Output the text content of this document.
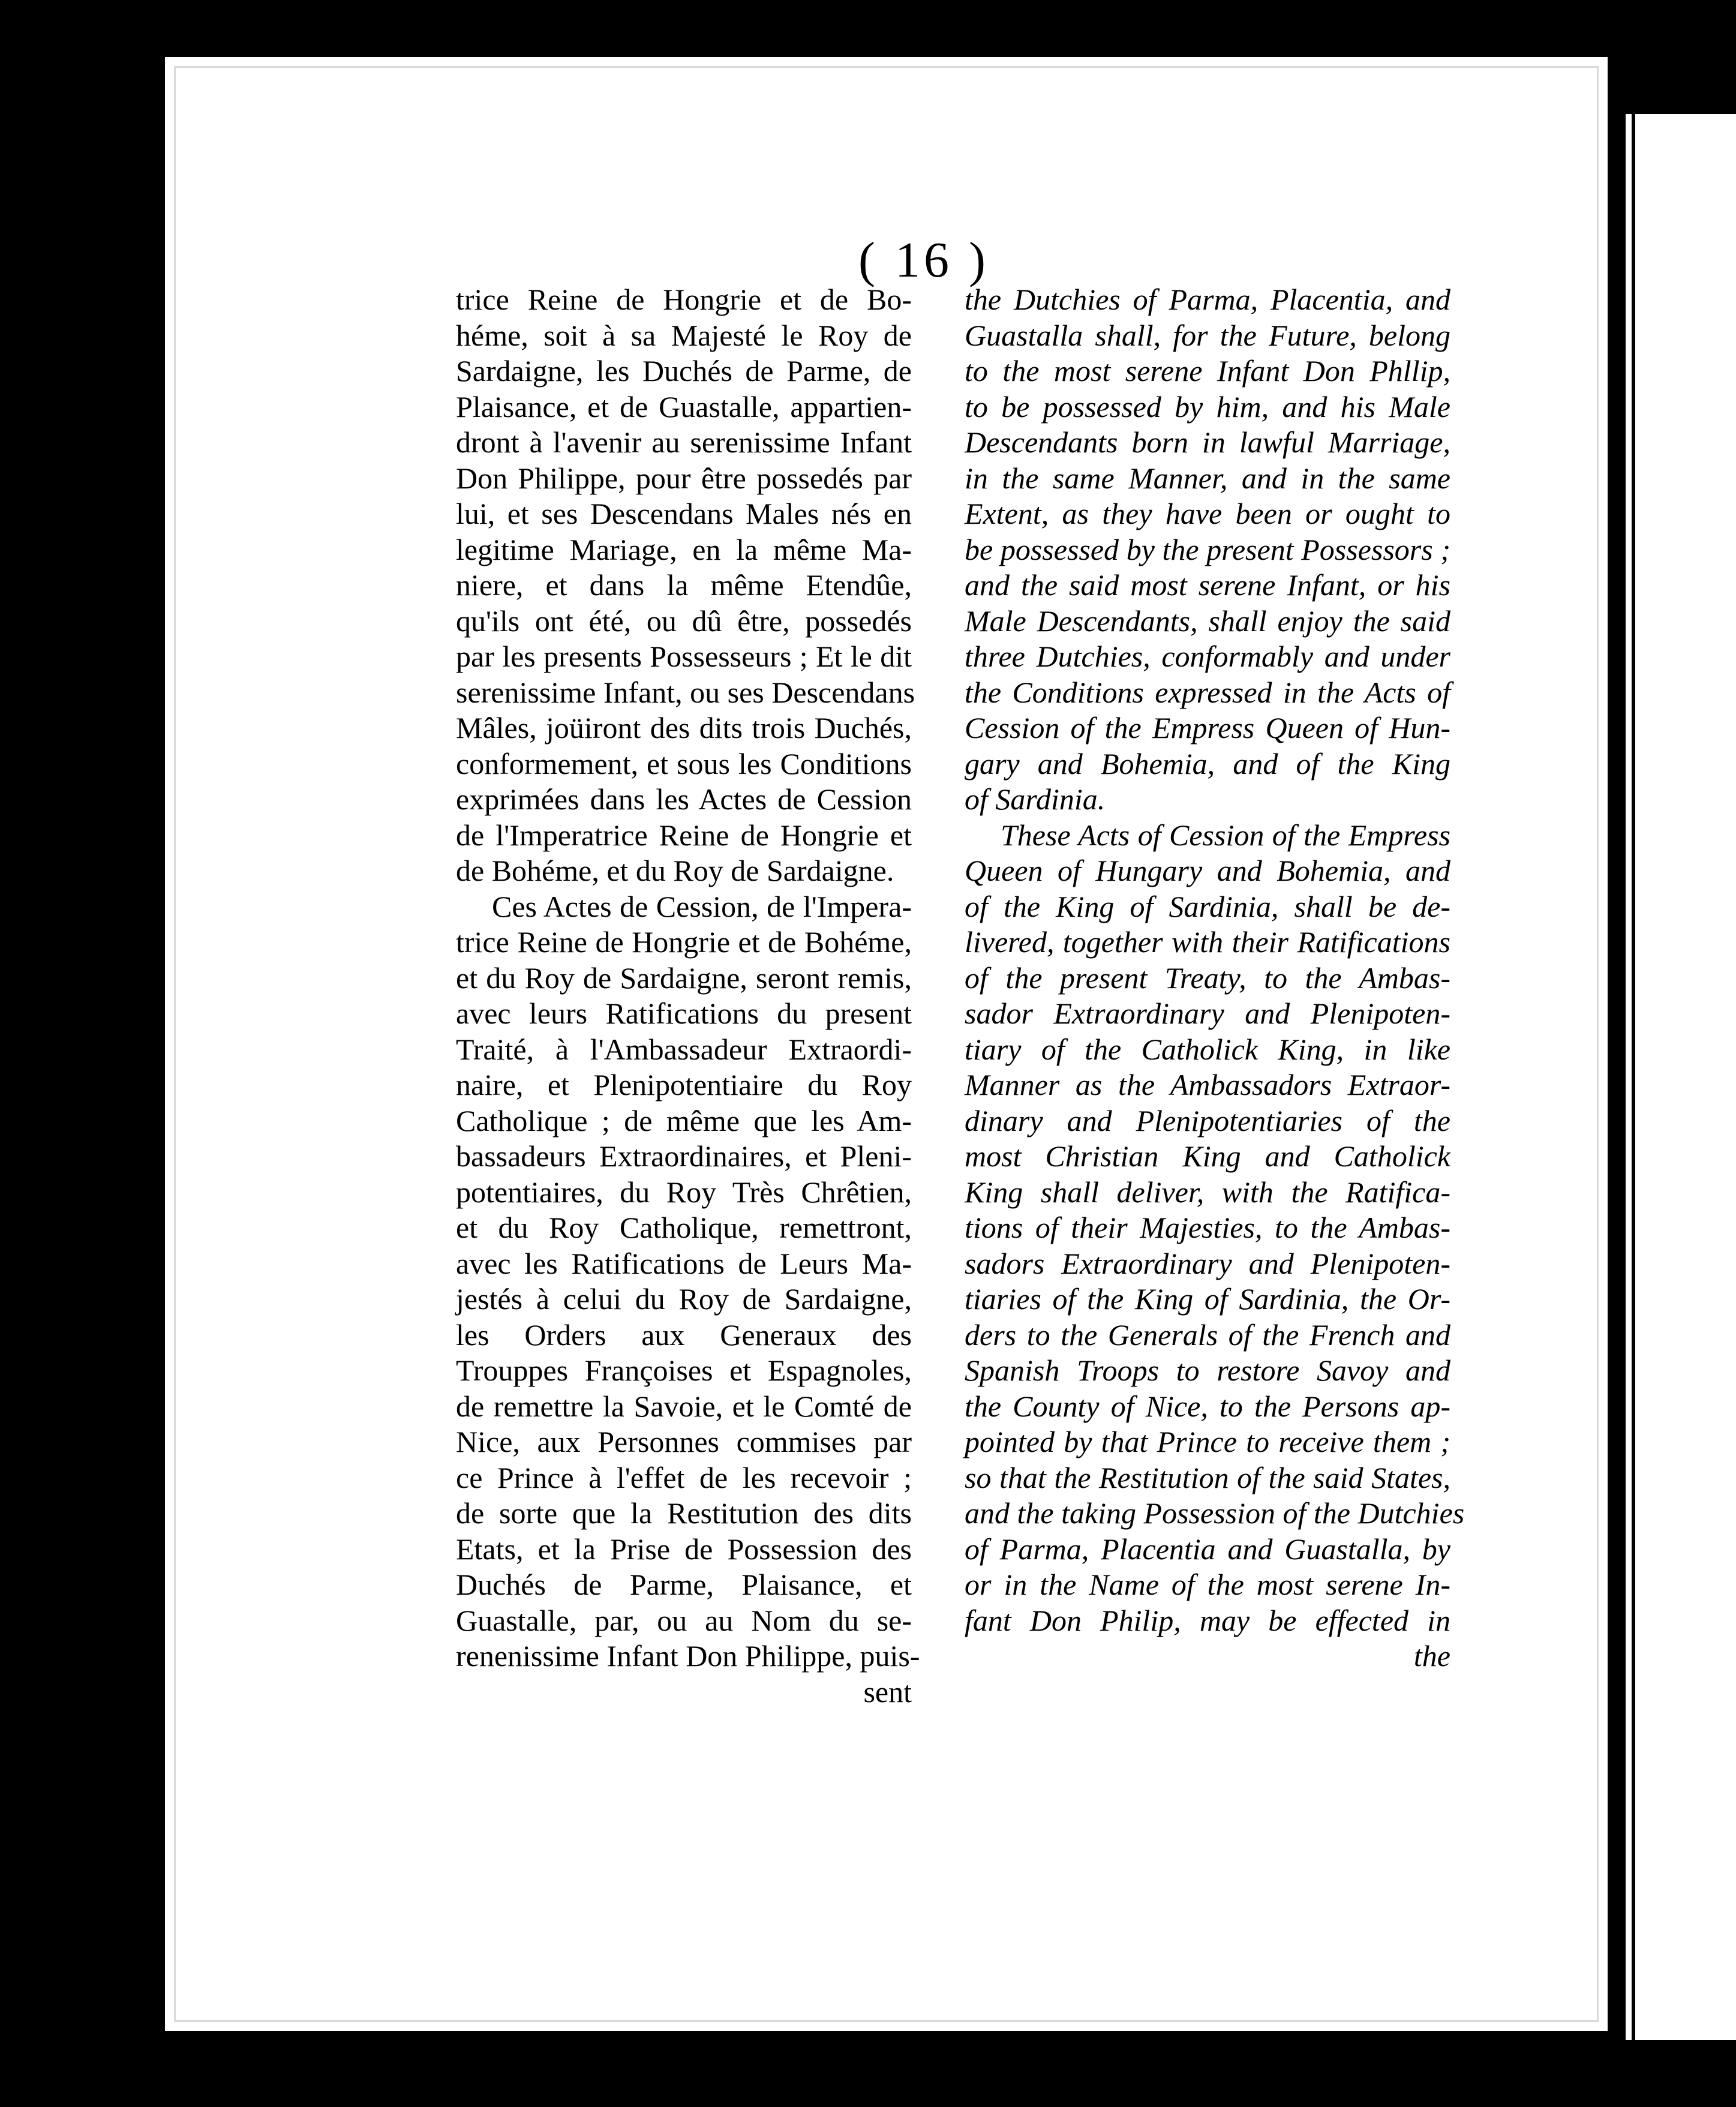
( 16 )
trice Reine de Hongrie et de Bo-
héme, soit à sa Majesté le Roy de
Sardaigne, les Duchés de Parme, de
Plaisance, et de Guastalle, appartien-
dront à l'avenir au serenissime Infant
Don Philippe, pour être possedés par
lui, et ses Descendans Males nés en
legitime Mariage, en la même Ma-
niere, et dans la même Etendûe,
qu'ils ont été, ou dû être, possedés
par les presents Possesseurs ; Et le dit
serenissime Infant, ou ses Descendans
Mâles, joüiront des dits trois Duchés,
conformement, et sous les Conditions
exprimées dans les Actes de Cession
de l'Imperatrice Reine de Hongrie et
de Bohéme, et du Roy de Sardaigne.
Ces Actes de Cession, de l'Impera-
trice Reine de Hongrie et de Bohéme,
et du Roy de Sardaigne, seront remis,
avec leurs Ratifications du present
Traité, à l'Ambassadeur Extraordi-
naire, et Plenipotentiaire du Roy
Catholique ; de même que les Am-
bassadeurs Extraordinaires, et Pleni-
potentiaires, du Roy Très Chrêtien,
et du Roy Catholique, remettront,
avec les Ratifications de Leurs Ma-
jestés à celui du Roy de Sardaigne,
les Orders aux Generaux des
Trouppes Françoises et Espagnoles,
de remettre la Savoie, et le Comté de
Nice, aux Personnes commises par
ce Prince à l'effet de les recevoir ;
de sorte que la Restitution des dits
Etats, et la Prise de Possession des
Duchés de Parme, Plaisance, et
Guastalle, par, ou au Nom du se-
renenissime Infant Don Philippe, puis-
sent
the Dutchies of Parma, Placentia, and
Guastalla shall, for the Future, belong
to the most serene Infant Don Phllip,
to be possessed by him, and his Male
Descendants born in lawful Marriage,
in the same Manner, and in the same
Extent, as they have been or ought to
be possessed by the present Possessors ;
and the said most serene Infant, or his
Male Descendants, shall enjoy the said
three Dutchies, conformably and under
the Conditions expressed in the Acts of
Cession of the Empress Queen of Hun-
gary and Bohemia, and of the King
of Sardinia.
These Acts of Cession of the Empress
Queen of Hungary and Bohemia, and
of the King of Sardinia, shall be de-
livered, together with their Ratifications
of the present Treaty, to the Ambas-
sador Extraordinary and Plenipoten-
tiary of the Catholick King, in like
Manner as the Ambassadors Extraor-
dinary and Plenipotentiaries of the
most Christian King and Catholick
King shall deliver, with the Ratifica-
tions of their Majesties, to the Ambas-
sadors Extraordinary and Plenipoten-
tiaries of the King of Sardinia, the Or-
ders to the Generals of the French and
Spanish Troops to restore Savoy and
the County of Nice, to the Persons ap-
pointed by that Prince to receive them ;
so that the Restitution of the said States,
and the taking Possession of the Dutchies
of Parma, Placentia and Guastalla, by
or in the Name of the most serene In-
fant Don Philip, may be effected in
the
